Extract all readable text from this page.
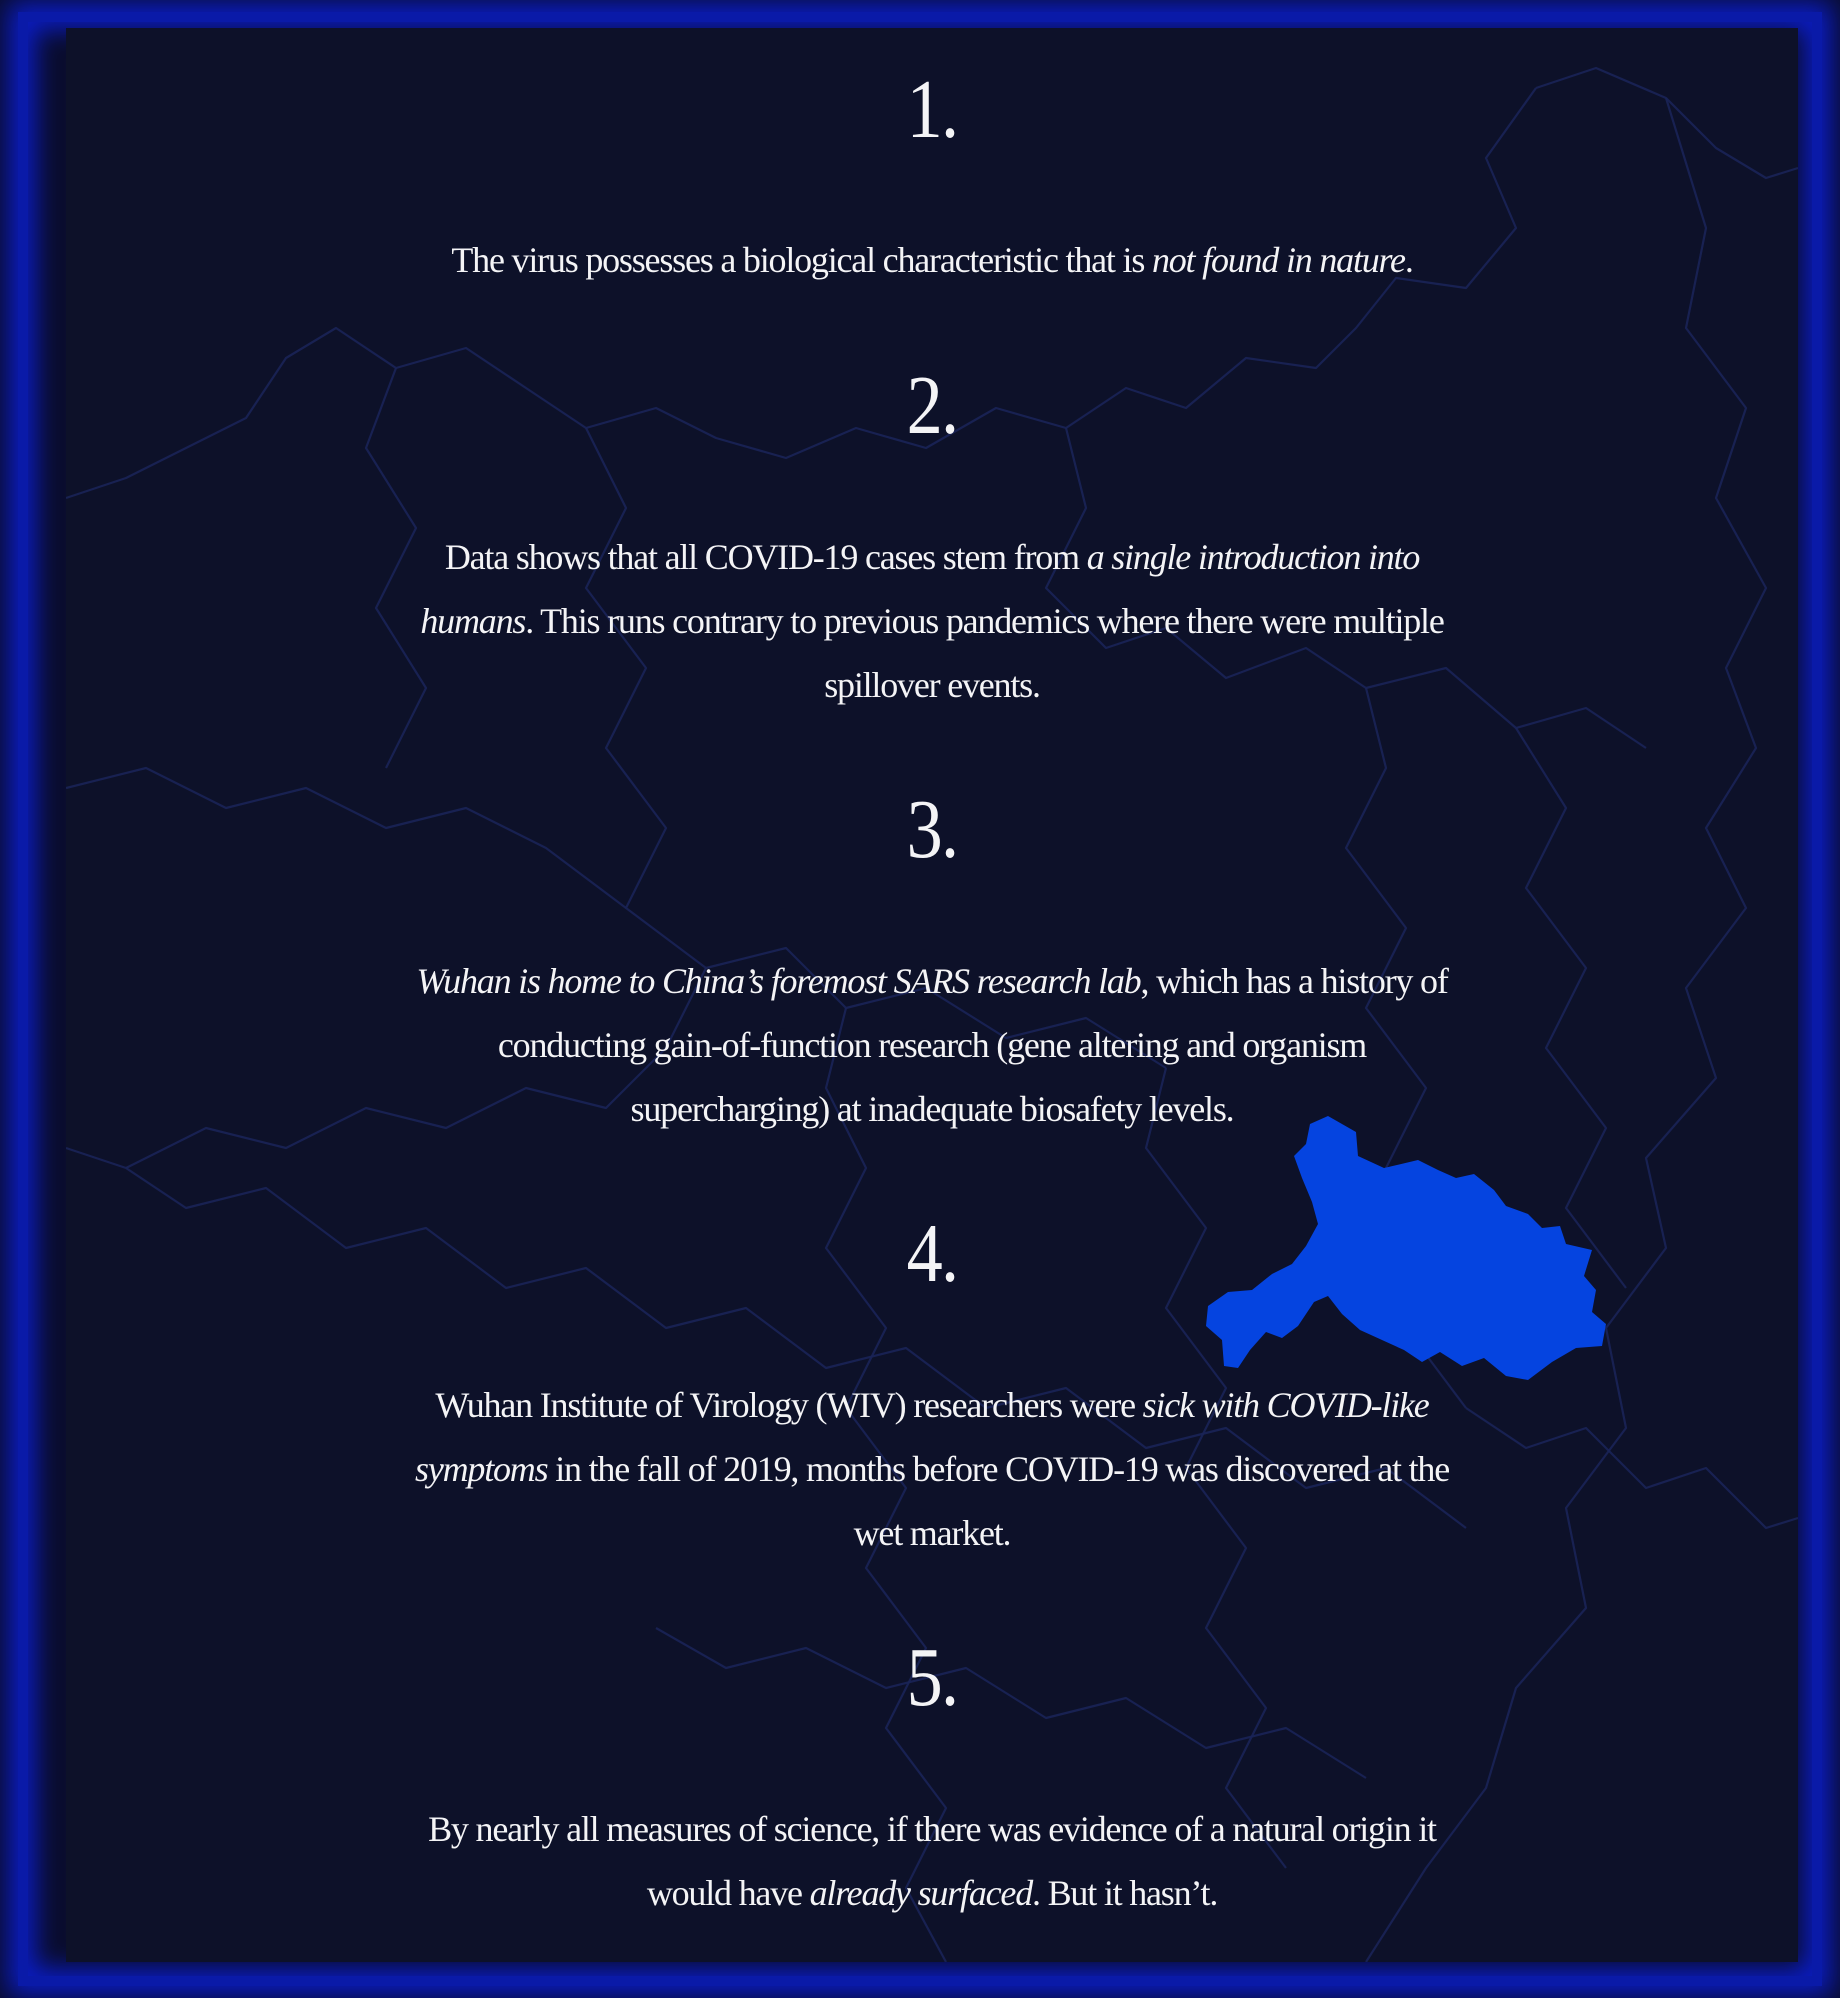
1.
The virus possesses a biological characteristic that is not found in nature.
2.
Data shows that all COVID-19 cases stem from a single introduction into humans. This runs contrary to previous pandemics where there were multiple spillover events.
3.
Wuhan is home to China’s foremost SARS research lab, which has a history of conducting gain-of-function research (gene altering and organism supercharging) at inadequate biosafety levels.
4.
Wuhan Institute of Virology (WIV) researchers were sick with COVID-like symptoms in the fall of 2019, months before COVID-19 was discovered at the wet market.
5.
By nearly all measures of science, if there was evidence of a natural origin it would have already surfaced. But it hasn’t.
